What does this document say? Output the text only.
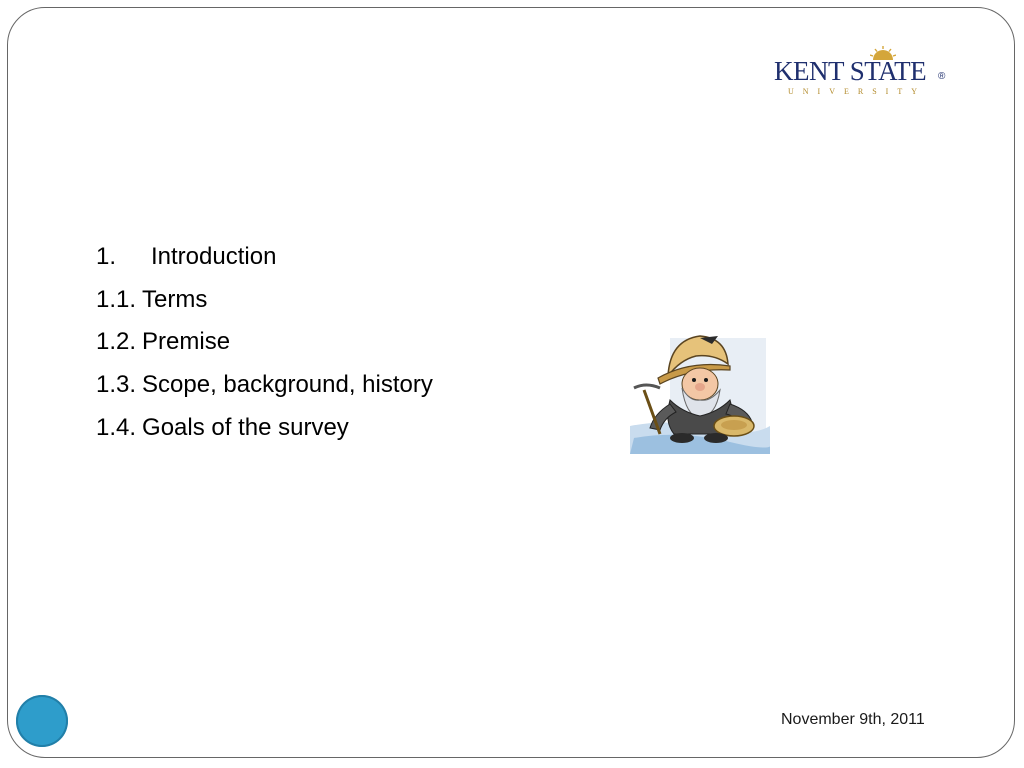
KENT STATE ®
UNIVERSITY
1. Introduction
1.1. Terms
1.2. Premise
1.3. Scope, background, history
1.4. Goals of the survey
November 9th, 2011
